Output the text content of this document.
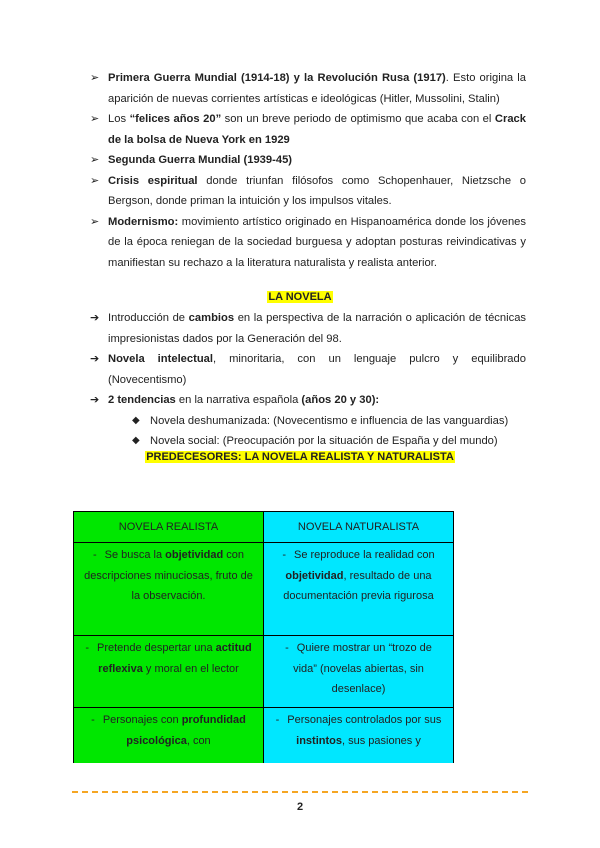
➢ Primera Guerra Mundial (1914-18) y la Revolución Rusa (1917). Esto origina la aparición de nuevas corrientes artísticas e ideológicas (Hitler, Mussolini, Stalin)
➢ Los “felices años 20” son un breve periodo de optimismo que acaba con el Crack de la bolsa de Nueva York en 1929
➢ Segunda Guerra Mundial (1939-45)
➢ Crisis espiritual donde triunfan filósofos como Schopenhauer, Nietzsche o Bergson, donde priman la intuición y los impulsos vitales.
➢ Modernismo: movimiento artístico originado en Hispanoamérica donde los jóvenes de la época reniegan de la sociedad burguesa y adoptan posturas reivindicativas y manifiestan su rechazo a la literatura naturalista y realista anterior.
LA NOVELA
➔ Introducción de cambios en la perspectiva de la narración o aplicación de técnicas impresionistas dados por la Generación del 98.
➔ Novela intelectual, minoritaria, con un lenguaje pulcro y equilibrado (Novecentismo)
➔ 2 tendencias en la narrativa española (años 20 y 30):
◆ Novela deshumanizada: (Novecentismo e influencia de las vanguardias)
◆ Novela social: (Preocupación por la situación de España y del mundo)
PREDECESORES: LA NOVELA REALISTA Y NATURALISTA
NOVELA REALISTA	NOVELA NATURALISTA
- Se busca la objetividad con descripciones minuciosas, fruto de la observación.	- Se reproduce la realidad con objetividad, resultado de una documentación previa rigurosa
- Pretende despertar una actitud reflexiva y moral en el lector	- Quiere mostrar un “trozo de vida” (novelas abiertas, sin desenlace)
- Personajes con profundidad psicológica, con	- Personajes controlados por sus instintos, sus pasiones y
2
